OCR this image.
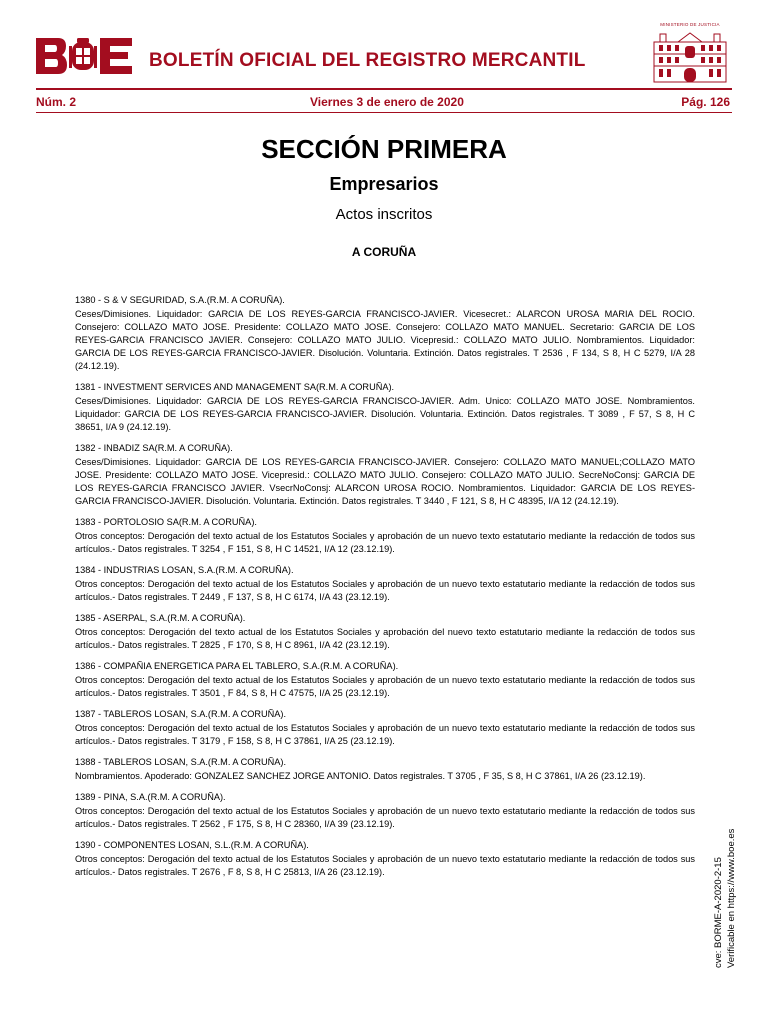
BOLETÍN OFICIAL DEL REGISTRO MERCANTIL
MINISTERIO DE JUSTICIA
Núm. 2	Viernes 3 de enero de 2020	Pág. 126
SECCIÓN PRIMERA
Empresarios
Actos inscritos
A CORUÑA
1380 - S & V SEGURIDAD, S.A.(R.M. A CORUÑA).
Ceses/Dimisiones. Liquidador: GARCIA DE LOS REYES-GARCIA FRANCISCO-JAVIER. Vicesecret.: ALARCON UROSA MARIA DEL ROCIO. Consejero: COLLAZO MATO JOSE. Presidente: COLLAZO MATO JOSE. Consejero: COLLAZO MATO MANUEL. Secretario: GARCIA DE LOS REYES-GARCIA FRANCISCO JAVIER. Consejero: COLLAZO MATO JULIO. Vicepresid.: COLLAZO MATO JULIO. Nombramientos. Liquidador: GARCIA DE LOS REYES-GARCIA FRANCISCO-JAVIER. Disolución. Voluntaria. Extinción. Datos registrales. T 2536 , F 134, S 8, H C 5279, I/A 28 (24.12.19).
1381 - INVESTMENT SERVICES AND MANAGEMENT SA(R.M. A CORUÑA).
Ceses/Dimisiones. Liquidador: GARCIA DE LOS REYES-GARCIA FRANCISCO-JAVIER. Adm. Unico: COLLAZO MATO JOSE. Nombramientos. Liquidador: GARCIA DE LOS REYES-GARCIA FRANCISCO-JAVIER. Disolución. Voluntaria. Extinción. Datos registrales. T 3089 , F 57, S 8, H C 38651, I/A 9 (24.12.19).
1382 - INBADIZ SA(R.M. A CORUÑA).
Ceses/Dimisiones. Liquidador: GARCIA DE LOS REYES-GARCIA FRANCISCO-JAVIER. Consejero: COLLAZO MATO MANUEL;COLLAZO MATO JOSE. Presidente: COLLAZO MATO JOSE. Vicepresid.: COLLAZO MATO JULIO. Consejero: COLLAZO MATO JULIO. SecreNoConsj: GARCIA DE LOS REYES-GARCIA FRANCISCO JAVIER. VsecrNoConsj: ALARCON UROSA ROCIO. Nombramientos. Liquidador: GARCIA DE LOS REYES-GARCIA FRANCISCO-JAVIER. Disolución. Voluntaria. Extinción. Datos registrales. T 3440 , F 121, S 8, H C 48395, I/A 12 (24.12.19).
1383 - PORTOLOSIO SA(R.M. A CORUÑA).
Otros conceptos: Derogación del texto actual de los Estatutos Sociales y aprobación de un nuevo texto estatutario mediante la redacción de todos sus artículos.- Datos registrales. T 3254 , F 151, S 8, H C 14521, I/A 12 (23.12.19).
1384 - INDUSTRIAS LOSAN, S.A.(R.M. A CORUÑA).
Otros conceptos: Derogación del texto actual de los Estatutos Sociales y aprobación de un nuevo texto estatutario mediante la redacción de todos sus artículos.- Datos registrales. T 2449 , F 137, S 8, H C 6174, I/A 43 (23.12.19).
1385 - ASERPAL, S.A.(R.M. A CORUÑA).
Otros conceptos: Derogación del texto actual de los Estatutos Sociales y aprobación del nuevo texto estatutario mediante la redacción de todos sus artículos.- Datos registrales. T 2825 , F 170, S 8, H C 8961, I/A 42 (23.12.19).
1386 - COMPAÑIA ENERGETICA PARA EL TABLERO, S.A.(R.M. A CORUÑA).
Otros conceptos: Derogación del texto actual de los Estatutos Sociales y aprobación de un nuevo texto estatutario mediante la redacción de todos sus artículos.- Datos registrales. T 3501 , F 84, S 8, H C 47575, I/A 25 (23.12.19).
1387 - TABLEROS LOSAN, S.A.(R.M. A CORUÑA).
Otros conceptos: Derogación del texto actual de los Estatutos Sociales y aprobación de un nuevo texto estatutario mediante la redacción de todos sus artículos.- Datos registrales. T 3179 , F 158, S 8, H C 37861, I/A 25 (23.12.19).
1388 - TABLEROS LOSAN, S.A.(R.M. A CORUÑA).
Nombramientos. Apoderado: GONZALEZ SANCHEZ JORGE ANTONIO. Datos registrales. T 3705 , F 35, S 8, H C 37861, I/A 26 (23.12.19).
1389 - PINA, S.A.(R.M. A CORUÑA).
Otros conceptos: Derogación del texto actual de los Estatutos Sociales y aprobación de un nuevo texto estatutario mediante la redacción de todos sus artículos.- Datos registrales. T 2562 , F 175, S 8, H C 28360, I/A 39 (23.12.19).
1390 - COMPONENTES LOSAN, S.L.(R.M. A CORUÑA).
Otros conceptos: Derogación del texto actual de los Estatutos Sociales y aprobación de un nuevo texto estatutario mediante la redacción de todos sus artículos.- Datos registrales. T 2676 , F 8, S 8, H C 25813, I/A 26 (23.12.19).	cve: BORME-A-2020-2-15 Verificable en https://www.boe.es
